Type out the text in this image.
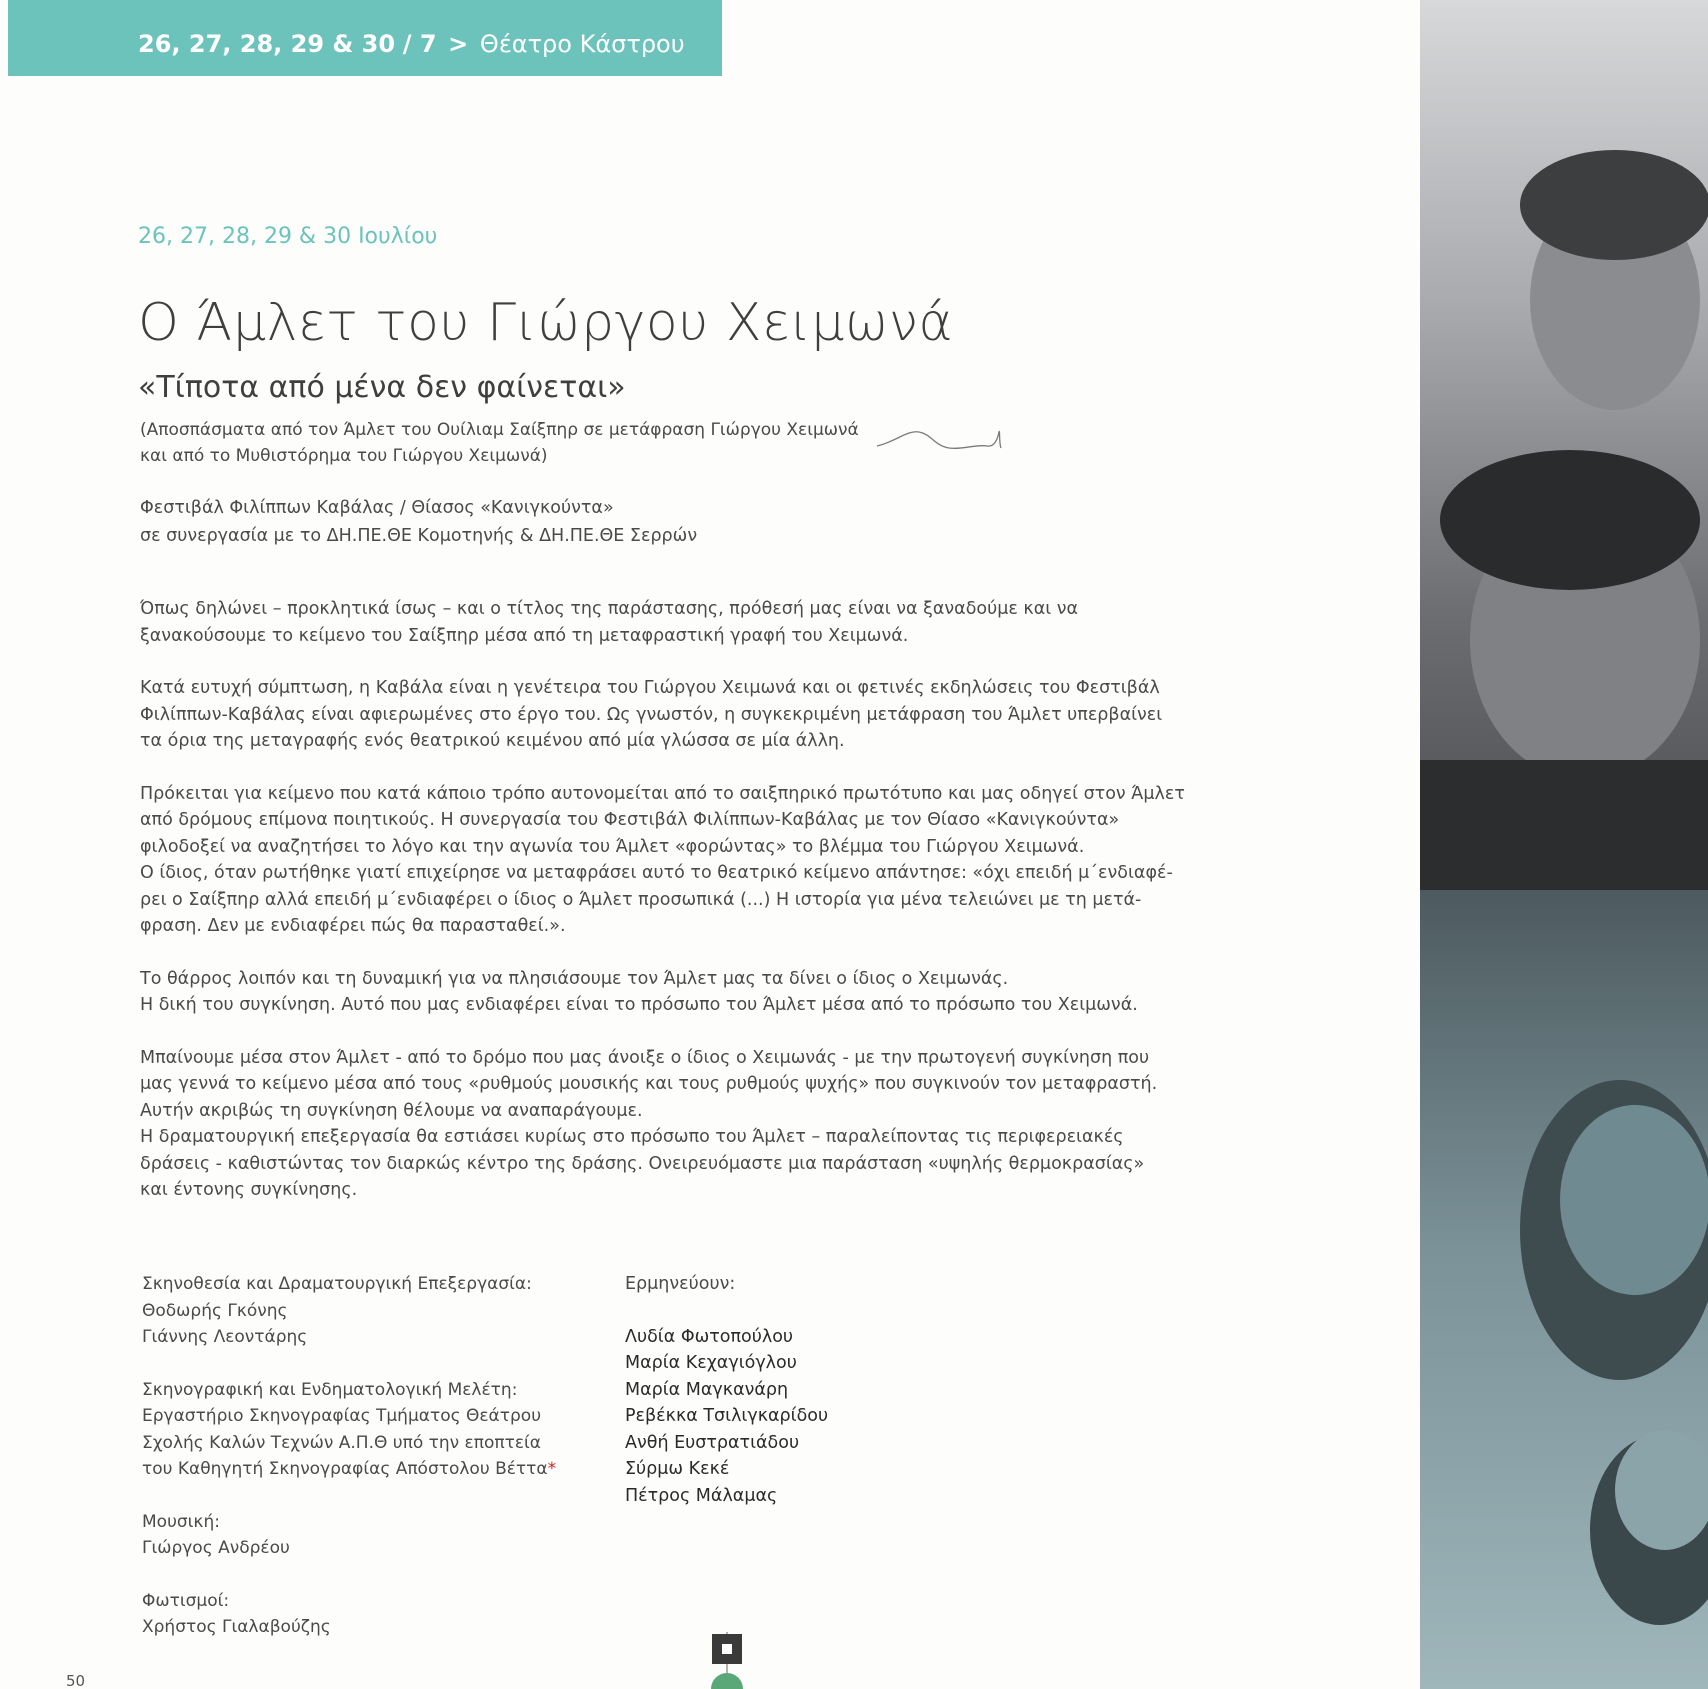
26, 27, 28, 29 & 30 / 7 > Θέατρο Κάστρου
26, 27, 28, 29 & 30 Ιουλίου
Ο Άμλετ του Γιώργου Χειμωνά
«Τίποτα από μένα δεν φαίνεται»
(Αποσπάσματα από τον Άμλετ του Ουίλιαμ Σαίξπηρ σε μετάφραση Γιώργου Χειμωνά
και από το Μυθιστόρημα του Γιώργου Χειμωνά)
Φεστιβάλ Φιλίππων Καβάλας / Θίασος «Κανιγκούντα»
σε συνεργασία με το ΔΗ.ΠΕ.ΘΕ Κομοτηνής & ΔΗ.ΠΕ.ΘΕ Σερρών
Όπως δηλώνει – προκλητικά ίσως – και ο τίτλος της παράστασης, πρόθεσή μας είναι να ξαναδούμε και να
ξανακούσουμε το κείμενο του Σαίξπηρ μέσα από τη μεταφραστική γραφή του Χειμωνά.
Κατά ευτυχή σύμπτωση, η Καβάλα είναι η γενέτειρα του Γιώργου Χειμωνά και οι φετινές εκδηλώσεις του Φεστιβάλ
Φιλίππων-Καβάλας είναι αφιερωμένες στο έργο του. Ως γνωστόν, η συγκεκριμένη μετάφραση του Άμλετ υπερβαίνει
τα όρια της μεταγραφής ενός θεατρικού κειμένου από μία γλώσσα σε μία άλλη.
Πρόκειται για κείμενο που κατά κάποιο τρόπο αυτονομείται από το σαιξπηρικό πρωτότυπο και μας οδηγεί στον Άμλετ
από δρόμους επίμονα ποιητικούς. Η συνεργασία του Φεστιβάλ Φιλίππων-Καβάλας με τον Θίασο «Κανιγκούντα»
φιλοδοξεί να αναζητήσει το λόγο και την αγωνία του Άμλετ «φορώντας» το βλέμμα του Γιώργου Χειμωνά.
Ο ίδιος, όταν ρωτήθηκε γιατί επιχείρησε να μεταφράσει αυτό το θεατρικό κείμενο απάντησε: «όχι επειδή μ΄ενδιαφέ-
ρει ο Σαίξπηρ αλλά επειδή μ΄ενδιαφέρει ο ίδιος ο Άμλετ προσωπικά (...) Η ιστορία για μένα τελειώνει με τη μετά-
φραση. Δεν με ενδιαφέρει πώς θα παρασταθεί.».
Το θάρρος λοιπόν και τη δυναμική για να πλησιάσουμε τον Άμλετ μας τα δίνει ο ίδιος ο Χειμωνάς.
Η δική του συγκίνηση. Αυτό που μας ενδιαφέρει είναι το πρόσωπο του Άμλετ μέσα από το πρόσωπο του Χειμωνά.
Μπαίνουμε μέσα στον Άμλετ - από το δρόμο που μας άνοιξε ο ίδιος ο Χειμωνάς - με την πρωτογενή συγκίνηση που
μας γεννά το κείμενο μέσα από τους «ρυθμούς μουσικής και τους ρυθμούς ψυχής» που συγκινούν τον μεταφραστή.
Αυτήν ακριβώς τη συγκίνηση θέλουμε να αναπαράγουμε.
Η δραματουργική επεξεργασία θα εστιάσει κυρίως στο πρόσωπο του Άμλετ – παραλείποντας τις περιφερειακές
δράσεις - καθιστώντας τον διαρκώς κέντρο της δράσης. Ονειρευόμαστε μια παράσταση «υψηλής θερμοκρασίας»
και έντονης συγκίνησης.
Σκηνοθεσία και Δραματουργική Επεξεργασία:
Θοδωρής Γκόνης
Γιάννης Λεοντάρης
Σκηνογραφική και Ενδηματολογική Μελέτη:
Εργαστήριο Σκηνογραφίας Τμήματος Θεάτρου
Σχολής Καλών Τεχνών Α.Π.Θ υπό την εποπτεία
του Καθηγητή Σκηνογραφίας Απόστολου Βέττα*
Μουσική:
Γιώργος Ανδρέου
Φωτισμοί:
Χρήστος Γιαλαβούζης
Ερμηνεύουν:
Λυδία Φωτοπούλου
Μαρία Κεχαγιόγλου
Μαρία Μαγκανάρη
Ρεβέκκα Τσιλιγκαρίδου
Ανθή Ευστρατιάδου
Σύρμω Κεκέ
Πέτρος Μάλαμας
50
